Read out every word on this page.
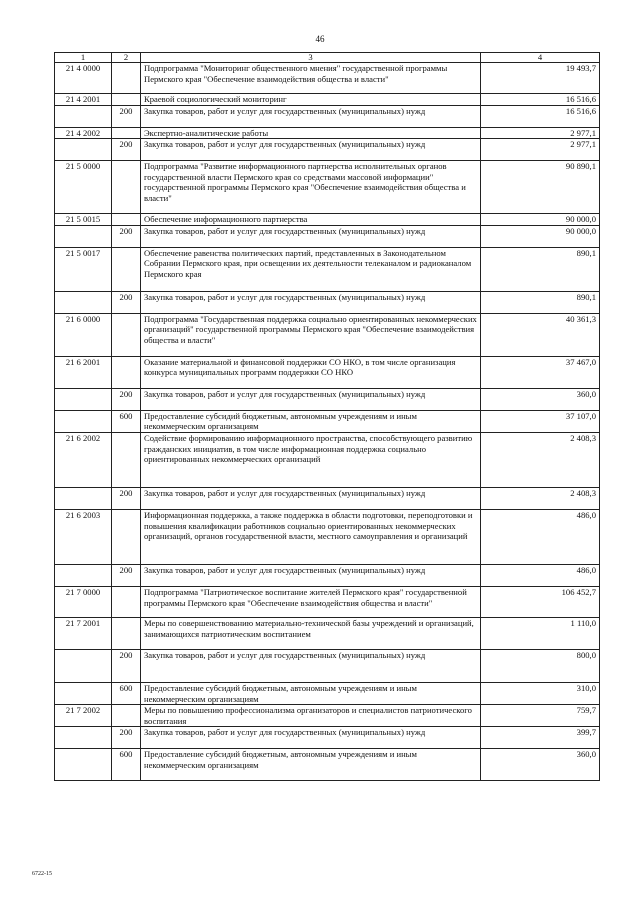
46
1	2	3	4
21 4 0000		Подпрограмма "Мониторинг общественного мнения" государственной программы Пермского края "Обеспечение взаимодействия общества и власти"	19 493,7
21 4 2001		Краевой социологический мониторинг	16 516,6
	200	Закупка товаров, работ и услуг для государственных (муниципальных) нужд	16 516,6
21 4 2002		Экспертно-аналитические работы	2 977,1
	200	Закупка товаров, работ и услуг для государственных (муниципальных) нужд	2 977,1
21 5 0000		Подпрограмма "Развитие информационного партнерства исполнительных органов государственной власти Пермского края со средствами массовой информации" государственной программы Пермского края "Обеспечение взаимодействия общества и власти"	90 890,1
21 5 0015		Обеспечение информационного партнерства	90 000,0
	200	Закупка товаров, работ и услуг для государственных (муниципальных) нужд	90 000,0
21 5 0017		Обеспечение равенства политических партий, представленных в Законодательном Собрании Пермского края, при освещении их деятельности телеканалом и радиоканалом Пермского края	890,1
	200	Закупка товаров, работ и услуг для государственных (муниципальных) нужд	890,1
21 6 0000		Подпрограмма "Государственная поддержка социально ориентированных некоммерческих организаций" государственной программы Пермского края "Обеспечение взаимодействия общества и власти"	40 361,3
21 6 2001		Оказание материальной и финансовой поддержки СО НКО, в том числе организация конкурса муниципальных программ поддержки СО НКО	37 467,0
	200	Закупка товаров, работ и услуг для государственных (муниципальных) нужд	360,0
	600	Предоставление субсидий бюджетным, автономным учреждениям и иным некоммерческим организациям	37 107,0
21 6 2002		Содействие формированию информационного пространства, способствующего развитию гражданских инициатив, в том числе информационная поддержка социально ориентированных некоммерческих организаций	2 408,3
	200	Закупка товаров, работ и услуг для государственных (муниципальных) нужд	2 408,3
21 6 2003		Информационная поддержка, а также поддержка в области подготовки, переподготовки и повышения квалификации работников социально ориентированных некоммерческих организаций, органов государственной власти, местного самоуправления и организаций	486,0
	200	Закупка товаров, работ и услуг для государственных (муниципальных) нужд	486,0
21 7 0000		Подпрограмма "Патриотическое воспитание жителей Пермского края" государственной программы Пермского края "Обеспечение взаимодействия общества и власти"	106 452,7
21 7 2001		Меры по совершенствованию материально-технической базы учреждений и организаций, занимающихся патриотическим воспитанием	1 110,0
	200	Закупка товаров, работ и услуг для государственных (муниципальных) нужд	800,0
	600	Предоставление субсидий бюджетным, автономным учреждениям и иным некоммерческим организациям	310,0
21 7 2002		Меры по повышению профессионализма организаторов и специалистов патриотического воспитания	759,7
	200	Закупка товаров, работ и услуг для государственных (муниципальных) нужд	399,7
	600	Предоставление субсидий бюджетным, автономным учреждениям и иным некоммерческим организациям	360,0
6722-15
